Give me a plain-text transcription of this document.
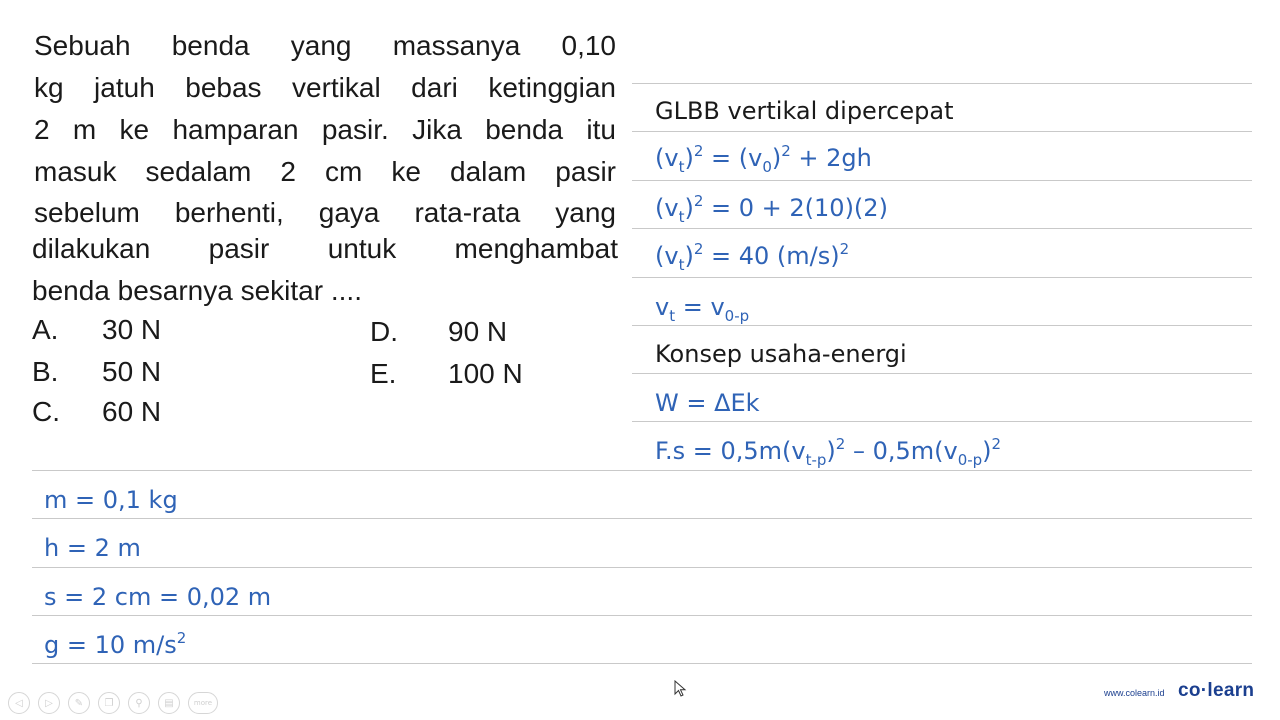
Sebuah benda yang massanya 0,10
kg jatuh bebas vertikal dari ketinggian
2 m ke hamparan pasir. Jika benda itu
masuk sedalam 2 cm ke dalam pasir
sebelum berhenti, gaya rata-rata yang
dilakukan pasir untuk menghambat
benda besarnya sekitar ....
A. 30 N
B. 50 N
C. 60 N
D. 90 N
E. 100 N
GLBB vertikal dipercepat
$(v_t)^2 = (v_0)^2 + 2gh$
$(v_t)^2 = 0 + 2(10)(2)$
$(v_t)^2 = 40$ $(m/s)^2$
$v_t = v_{0-p}$
Konsep usaha-energi
W = ΔEk
$F.s = 0,5m(v_{t-p})^2 - 0,5m(v_{0-p})^2$
m = 0,1 kg
h = 2 m
s = 2 cm = 0,02 m
g = 10 $m/s^2$
◁	▷	✎	❐	⚲	▤	more
www.colearn.id co·learn
